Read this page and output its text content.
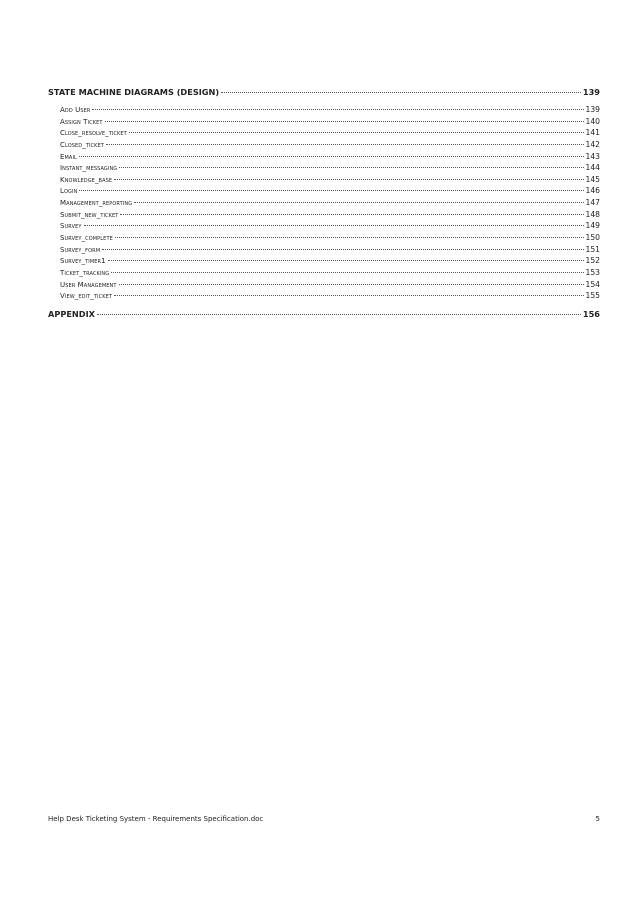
STATE MACHINE DIAGRAMS (DESIGN)	139
Add User	139
Assign Ticket	140
Close_resolve_ticket	141
Closed_ticket	142
Email	143
Instant_messaging	144
Knowledge_base	145
Login	146
Management_reporting	147
Submit_new_ticket	148
Survey	149
Survey_complete	150
Survey_form	151
Survey_timer1	152
Ticket_tracking	153
User Management	154
View_edit_ticket	155
APPENDIX	156
Help Desk Ticketing System - Requirements Specification.doc	5
